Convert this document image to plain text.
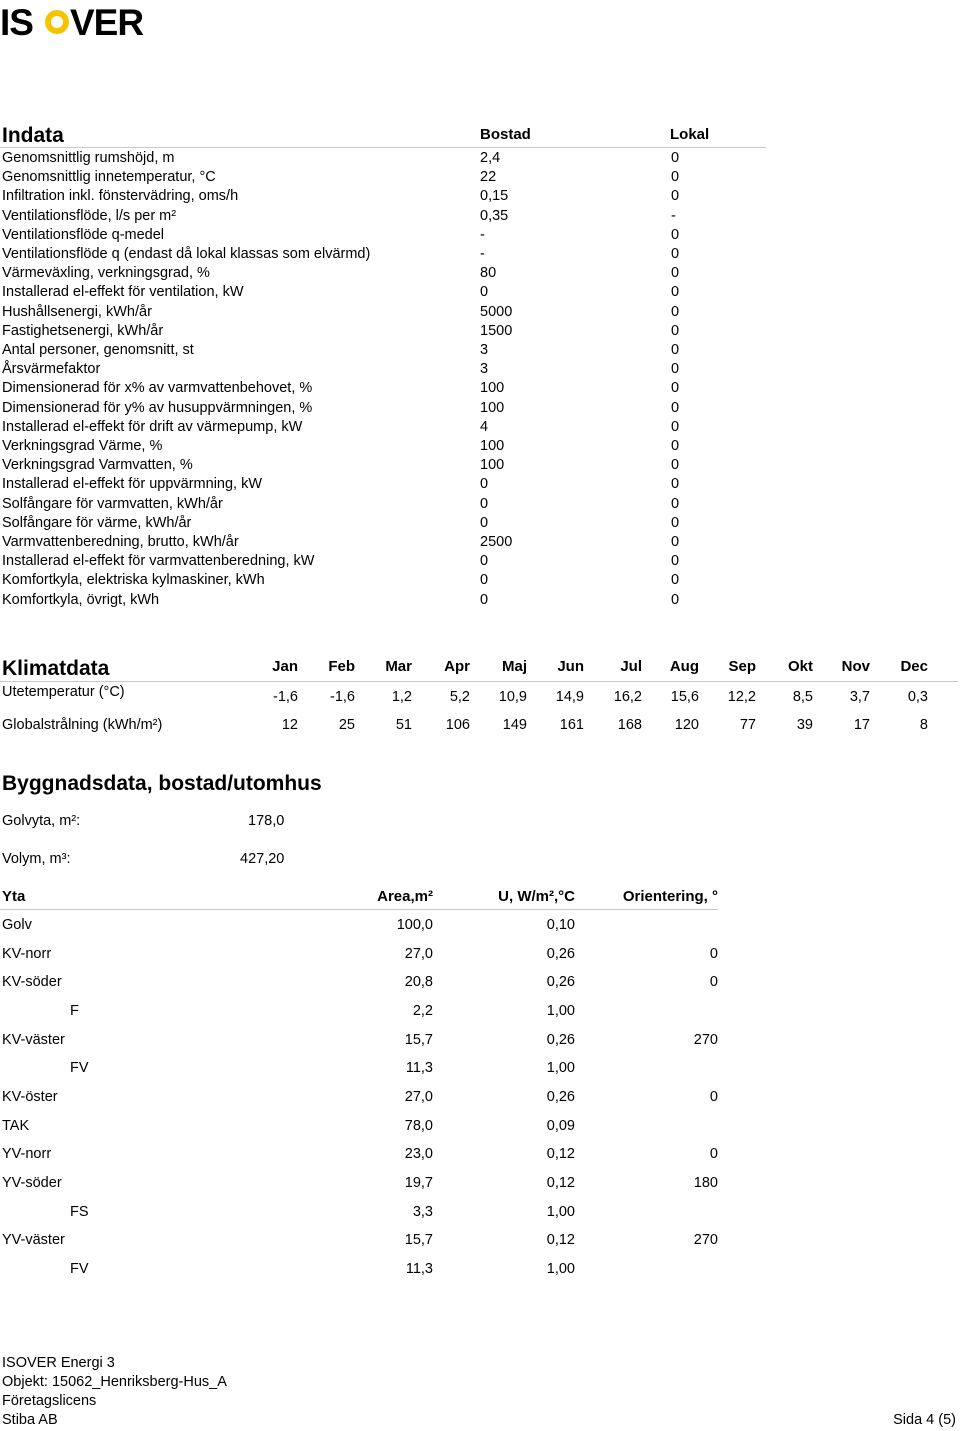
IS VER
Indata	Bostad	Lokal
Genomsnittlig rumshöjd, m	2,4	0
Genomsnittlig innetemperatur, °C	22	0
Infiltration inkl. fönstervädring, oms/h	0,15	0
Ventilationsflöde, l/s per m²	0,35	-
Ventilationsflöde q-medel	-	0
Ventilationsflöde q (endast då lokal klassas som elvärmd)	-	0
Värmeväxling, verkningsgrad, %	80	0
Installerad el-effekt för ventilation, kW	0	0
Hushållsenergi, kWh/år	5000	0
Fastighetsenergi, kWh/år	1500	0
Antal personer, genomsnitt, st	3	0
Årsvärmefaktor	3	0
Dimensionerad för x% av varmvattenbehovet, %	100	0
Dimensionerad för y% av husuppvärmningen, %	100	0
Installerad el-effekt för drift av värmepump, kW	4	0
Verkningsgrad Värme, %	100	0
Verkningsgrad Varmvatten, %	100	0
Installerad el-effekt för uppvärmning, kW	0	0
Solfångare för varmvatten, kWh/år	0	0
Solfångare för värme, kWh/år	0	0
Varmvattenberedning, brutto, kWh/år	2500	0
Installerad el-effekt för varmvattenberedning, kW	0	0
Komfortkyla, elektriska kylmaskiner, kWh	0	0
Komfortkyla, övrigt, kWh	0	0
Klimatdata	Jan	Feb	Mar	Apr	Maj	Jun	Jul	Aug	Sep	Okt	Nov	Dec
Utetemperatur (°C)	-1,6	-1,6	1,2	5,2	10,9	14,9	16,2	15,6	12,2	8,5	3,7	0,3
Globalstrålning (kWh/m²)	12	25	51	106	149	161	168	120	77	39	17	8
Byggnadsdata, bostad/utomhus
Golvyta, m²:	178,0
Volym, m³:	427,20
Yta	Area,m²	U, W/m²,°C	Orientering, °
Golv	100,0	0,10
KV-norr	27,0	0,26	0
KV-söder	20,8	0,26	0
F	2,2	1,00
KV-väster	15,7	0,26	270
FV	11,3	1,00
KV-öster	27,0	0,26	0
TAK	78,0	0,09
YV-norr	23,0	0,12	0
YV-söder	19,7	0,12	180
FS	3,3	1,00
YV-väster	15,7	0,12	270
FV	11,3	1,00
ISOVER Energi 3
Objekt: 15062_Henriksberg-Hus_A
Företagslicens
Stiba AB	Sida 4 (5)
